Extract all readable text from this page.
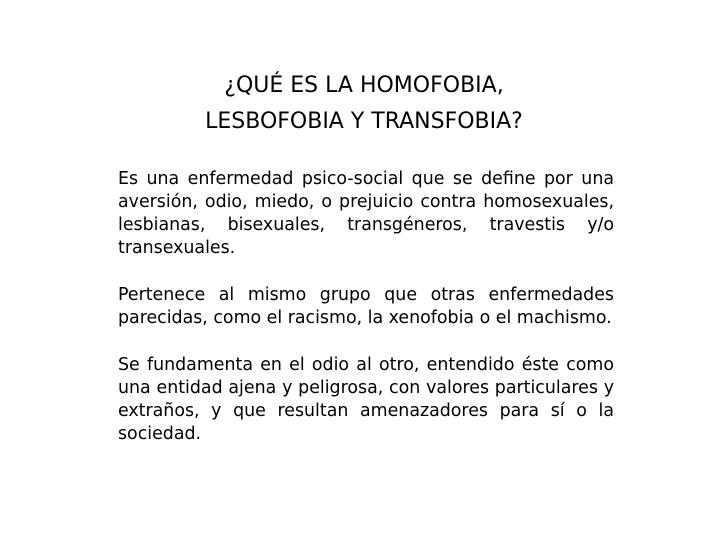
¿QUÉ ES LA HOMOFOBIA,
LESBOFOBIA Y TRANSFOBIA?

Es una enfermedad psico-social que se define por una aversión, odio, miedo, o prejuicio contra homosexuales, lesbianas, bisexuales, transgéneros, travestis y/o transexuales.

Pertenece al mismo grupo que otras enfermedades parecidas, como el racismo, la xenofobia o el machismo.

Se fundamenta en el odio al otro, entendido éste como una entidad ajena y peligrosa, con valores particulares y extraños, y que resultan amenazadores para sí o la sociedad.
